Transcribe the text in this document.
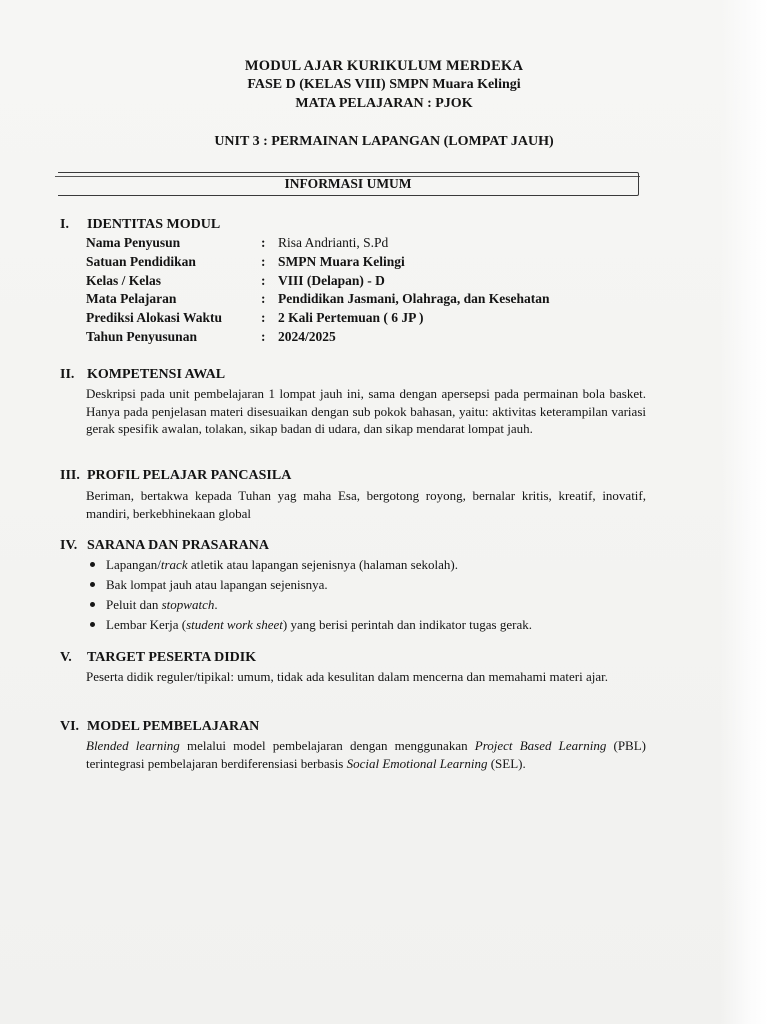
MODUL AJAR KURIKULUM MERDEKA
FASE D (KELAS VIII) SMPN Muara Kelingi
MATA PELAJARAN : PJOK
UNIT 3 : PERMAINAN LAPANGAN (LOMPAT JAUH)
INFORMASI UMUM
I. IDENTITAS MODUL
Nama Penyusun	: Risa Andrianti, S.Pd
Satuan Pendidikan	: SMPN Muara Kelingi
Kelas / Kelas	: VIII (Delapan) - D
Mata Pelajaran	: Pendidikan Jasmani, Olahraga, dan Kesehatan
Prediksi Alokasi Waktu	: 2 Kali Pertemuan ( 6 JP )
Tahun Penyusunan	: 2024/2025
II. KOMPETENSI AWAL
Deskripsi pada unit pembelajaran 1 lompat jauh ini, sama dengan apersepsi pada permainan bola basket. Hanya pada penjelasan materi disesuaikan dengan sub pokok bahasan, yaitu: aktivitas keterampilan variasi gerak spesifik awalan, tolakan, sikap badan di udara, dan sikap mendarat lompat jauh.
III. PROFIL PELAJAR PANCASILA
Beriman, bertakwa kepada Tuhan yag maha Esa, bergotong royong, bernalar kritis, kreatif, inovatif, mandiri, berkebhinekaan global
IV. SARANA DAN PRASARANA
Lapangan/track atletik atau lapangan sejenisnya (halaman sekolah).
Bak lompat jauh atau lapangan sejenisnya.
Peluit dan stopwatch.
Lembar Kerja (student work sheet) yang berisi perintah dan indikator tugas gerak.
V. TARGET PESERTA DIDIK
Peserta didik reguler/tipikal: umum, tidak ada kesulitan dalam mencerna dan memahami materi ajar.
VI. MODEL PEMBELAJARAN
Blended learning melalui model pembelajaran dengan menggunakan Project Based Learning (PBL) terintegrasi pembelajaran berdiferensiasi berbasis Social Emotional Learning (SEL).
